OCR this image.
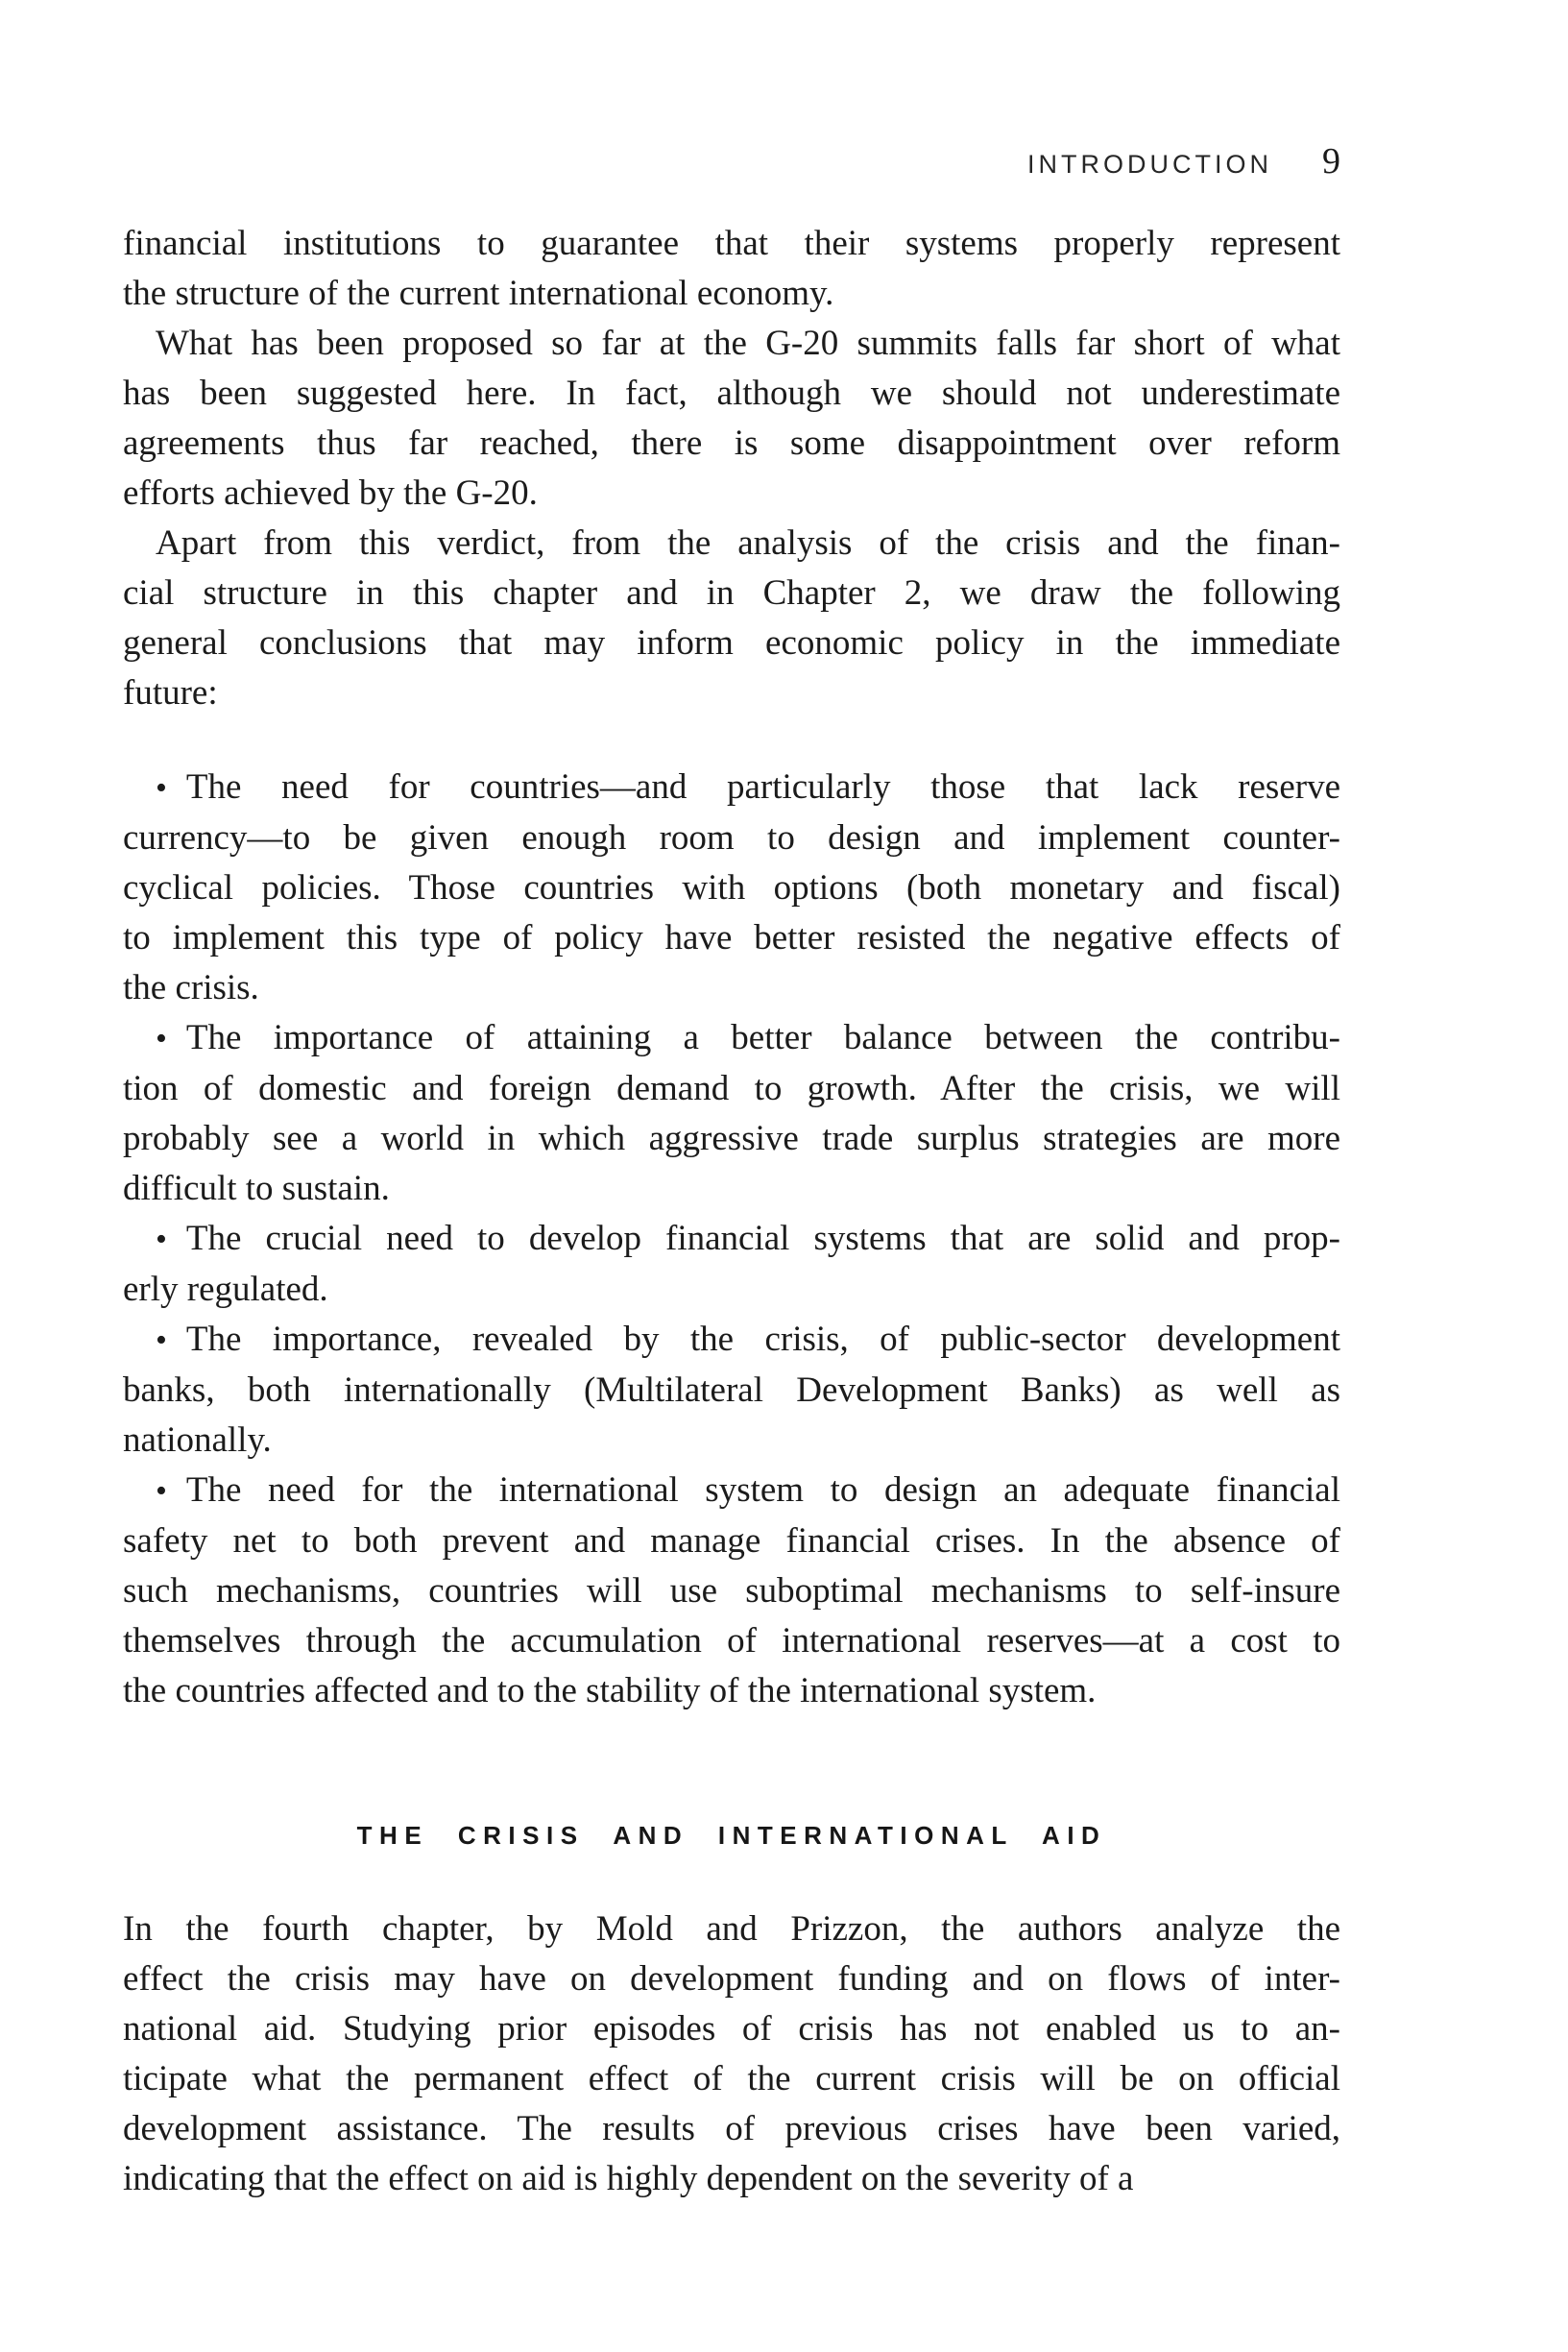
INTRODUCTION 9
financial institutions to guarantee that their systems properly represent
the structure of the current international economy.
What has been proposed so far at the G-20 summits falls far short of what
has been suggested here. In fact, although we should not underestimate
agreements thus far reached, there is some disappointment over reform
efforts achieved by the G-20.
Apart from this verdict, from the analysis of the crisis and the finan-
cial structure in this chapter and in Chapter 2, we draw the following
general conclusions that may inform economic policy in the immediate
future:
• The need for countries—and particularly those that lack reserve
currency—to be given enough room to design and implement counter-
cyclical policies. Those countries with options (both monetary and fiscal)
to implement this type of policy have better resisted the negative effects of
the crisis.
• The importance of attaining a better balance between the contribu-
tion of domestic and foreign demand to growth. After the crisis, we will
probably see a world in which aggressive trade surplus strategies are more
difficult to sustain.
• The crucial need to develop financial systems that are solid and prop-
erly regulated.
• The importance, revealed by the crisis, of public-sector development
banks, both internationally (Multilateral Development Banks) as well as
nationally.
• The need for the international system to design an adequate financial
safety net to both prevent and manage financial crises. In the absence of
such mechanisms, countries will use suboptimal mechanisms to self-insure
themselves through the accumulation of international reserves—at a cost to
the countries affected and to the stability of the international system.
THE CRISIS AND INTERNATIONAL AID
In the fourth chapter, by Mold and Prizzon, the authors analyze the
effect the crisis may have on development funding and on flows of inter-
national aid. Studying prior episodes of crisis has not enabled us to an-
ticipate what the permanent effect of the current crisis will be on official
development assistance. The results of previous crises have been varied,
indicating that the effect on aid is highly dependent on the severity of a
